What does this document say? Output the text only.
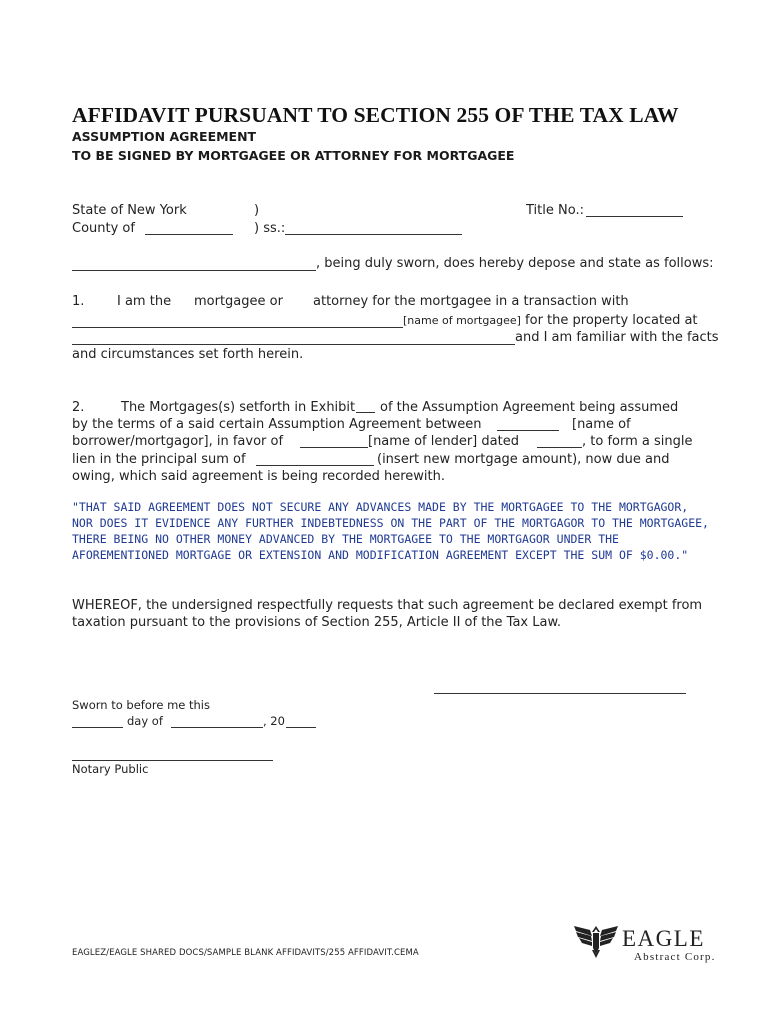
AFFIDAVIT PURSUANT TO SECTION 255 OF THE TAX LAW
ASSUMPTION AGREEMENT
TO BE SIGNED BY MORTGAGEE OR ATTORNEY FOR MORTGAGEE
State of New York	)	Title No.:
County of	) ss.:
, being duly sworn, does hereby depose and state as follows:
1.	I am the mortgagee or attorney for the mortgagee in a transaction with
[name of mortgagee] for the property located at
and I am familiar with the facts
and circumstances set forth herein.
2.	The Mortgages(s) setforth in Exhibit of the Assumption Agreement being assumed
by the terms of a said certain Assumption Agreement between	[name of
borrower/mortgagor], in favor of	[name of lender] dated	, to form a single
lien in the principal sum of	(insert new mortgage amount), now due and
owing, which said agreement is being recorded herewith.
"THAT SAID AGREEMENT DOES NOT SECURE ANY ADVANCES MADE BY THE MORTGAGEE TO THE MORTGAGOR, NOR DOES IT EVIDENCE ANY FURTHER INDEBTEDNESS ON THE PART OF THE MORTGAGOR TO THE MORTGAGEE, THERE BEING NO OTHER MONEY ADVANCED BY THE MORTGAGEE TO THE MORTGAGOR UNDER THE AFOREMENTIONED MORTGAGE OR EXTENSION AND MODIFICATION AGREEMENT EXCEPT THE SUM OF $0.00."
WHEREOF, the undersigned respectfully requests that such agreement be declared exempt from
taxation pursuant to the provisions of Section 255, Article II of the Tax Law.
Sworn to before me this
day of	, 20
Notary Public
EAGLEZ/EAGLE SHARED DOCS/SAMPLE BLANK AFFIDAVITS/255 AFFIDAVIT.CEMA
EAGLE
Abstract Corp.
